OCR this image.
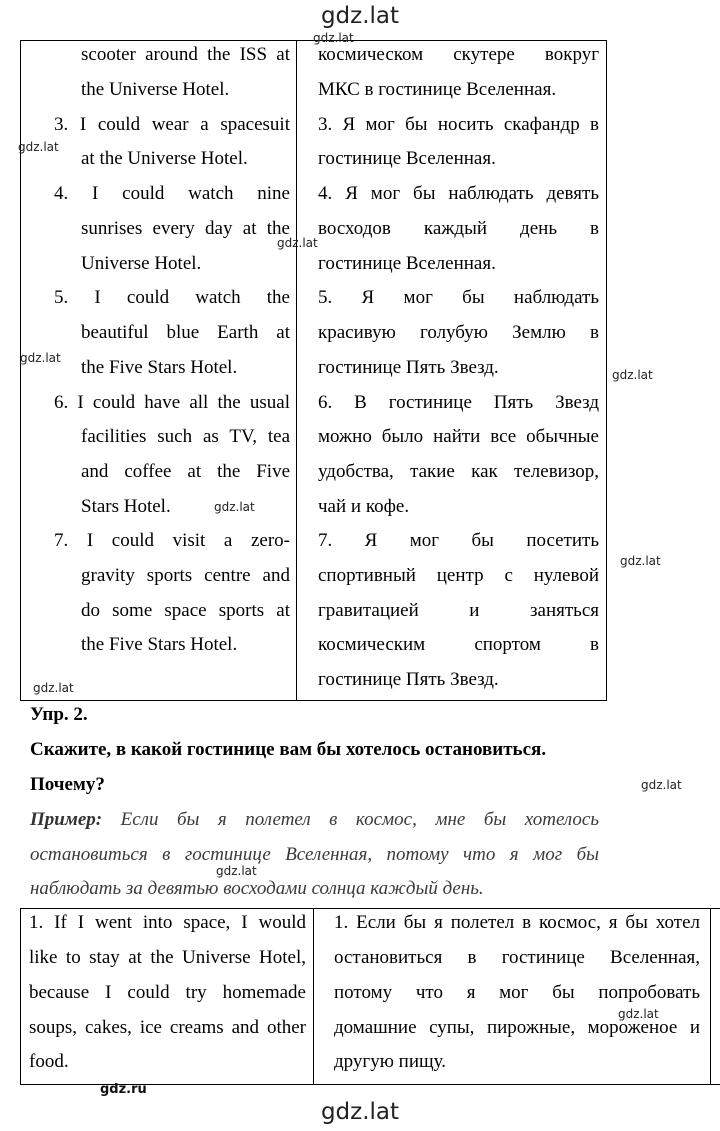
gdz.lat
gdz.lat
scooter around the ISS at
the Universe Hotel.
3. I could wear a spacesuit
at the Universe Hotel.
4. I could watch nine
sunrises every day at the
Universe Hotel.
5. I could watch the
beautiful blue Earth at
the Five Stars Hotel.
6. I could have all the usual
facilities such as TV, tea
and coffee at the Five
Stars Hotel.
7. I could visit a zero-
gravity sports centre and
do some space sports at
the Five Stars Hotel.
космическом скутере вокруг
МКС в гостинице Вселенная.
3. Я мог бы носить скафандр в
гостинице Вселенная.
4. Я мог бы наблюдать девять
восходов каждый день в
гостинице Вселенная.
5. Я мог бы наблюдать
красивую голубую Землю в
гостинице Пять Звезд.
6. В гостинице Пять Звезд
можно было найти все обычные
удобства, такие как телевизор,
чай и кофе.
7. Я мог бы посетить
спортивный центр с нулевой
гравитацией и заняться
космическим спортом в
гостинице Пять Звезд.
Упр. 2.
Скажите, в какой гостинице вам бы хотелось остановиться.
Почему?
Пример: Если бы я полетел в космос, мне бы хотелось
остановиться в гостинице Вселенная, потому что я мог бы
наблюдать за девятью восходами солнца каждый день.
1. If I went into space, I would
like to stay at the Universe Hotel,
because I could try homemade
soups, cakes, ice creams and other
food.
1. Если бы я полетел в космос, я бы хотел
остановиться в гостинице Вселенная,
потому что я мог бы попробовать
домашние супы, пирожные, мороженое и
другую пищу.
gdz.lat
gdz.lat
gdz.lat
gdz.lat
gdz.lat
gdz.lat
gdz.lat
gdz.lat
gdz.lat
gdz.lat
gdz.lat
gdz.ru
